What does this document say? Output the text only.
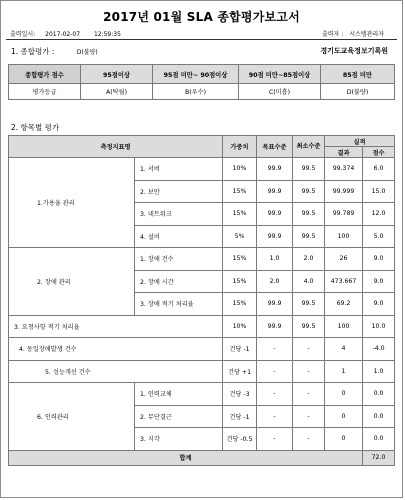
2017년 01월 SLA 종합평가보고서
출력일시: 2017-02-07 12:59:35	출력자 : 시스템관리자
1. 종합평가 :	D(불량)	경기도교육정보기록원
종합평가 점수	95점이상	95점 미만~ 90점이상	90점 미만~85점이상	85점 미만
평가등급	A(탁월)	B(우수)	C(미흡)	D(불량)
2. 항목별 평가
측정지표명		가중치	목표수준	최소수준	실적	
					결과	점수
1.가용율 관리	1. 서버	10%	99.9	99.5	99.374	6.0
	2. 보안	15%	99.9	99.5	99.999	15.0
	3. 네트워크	15%	99.9	99.5	99.789	12.0
	4. 설비	5%	99.9	99.5	100	5.0
2. 장애 관리	1. 장애 건수	15%	1.0	2.0	26	9.0
	2. 장애 시간	15%	2.0	4.0	473.667	9.0
	3. 장애 적기 처리율	15%	99.9	99.5	69.2	9.0
3. 요청사항 적기 처리율		10%	99.9	99.5	100	10.0
4. 동일장애발생 건수		건당 -1	-	-	4	-4.0
5. 성능개선 건수		건당 +1	-	-	1	1.0
6. 인력관리	1. 인력교체	건당 -3	-	-	0	0.0
	2. 무단결근	건당 -1	-	-	0	0.0
	3. 지각	건당 -0.5	-	-	0	0.0
합계						72.0
